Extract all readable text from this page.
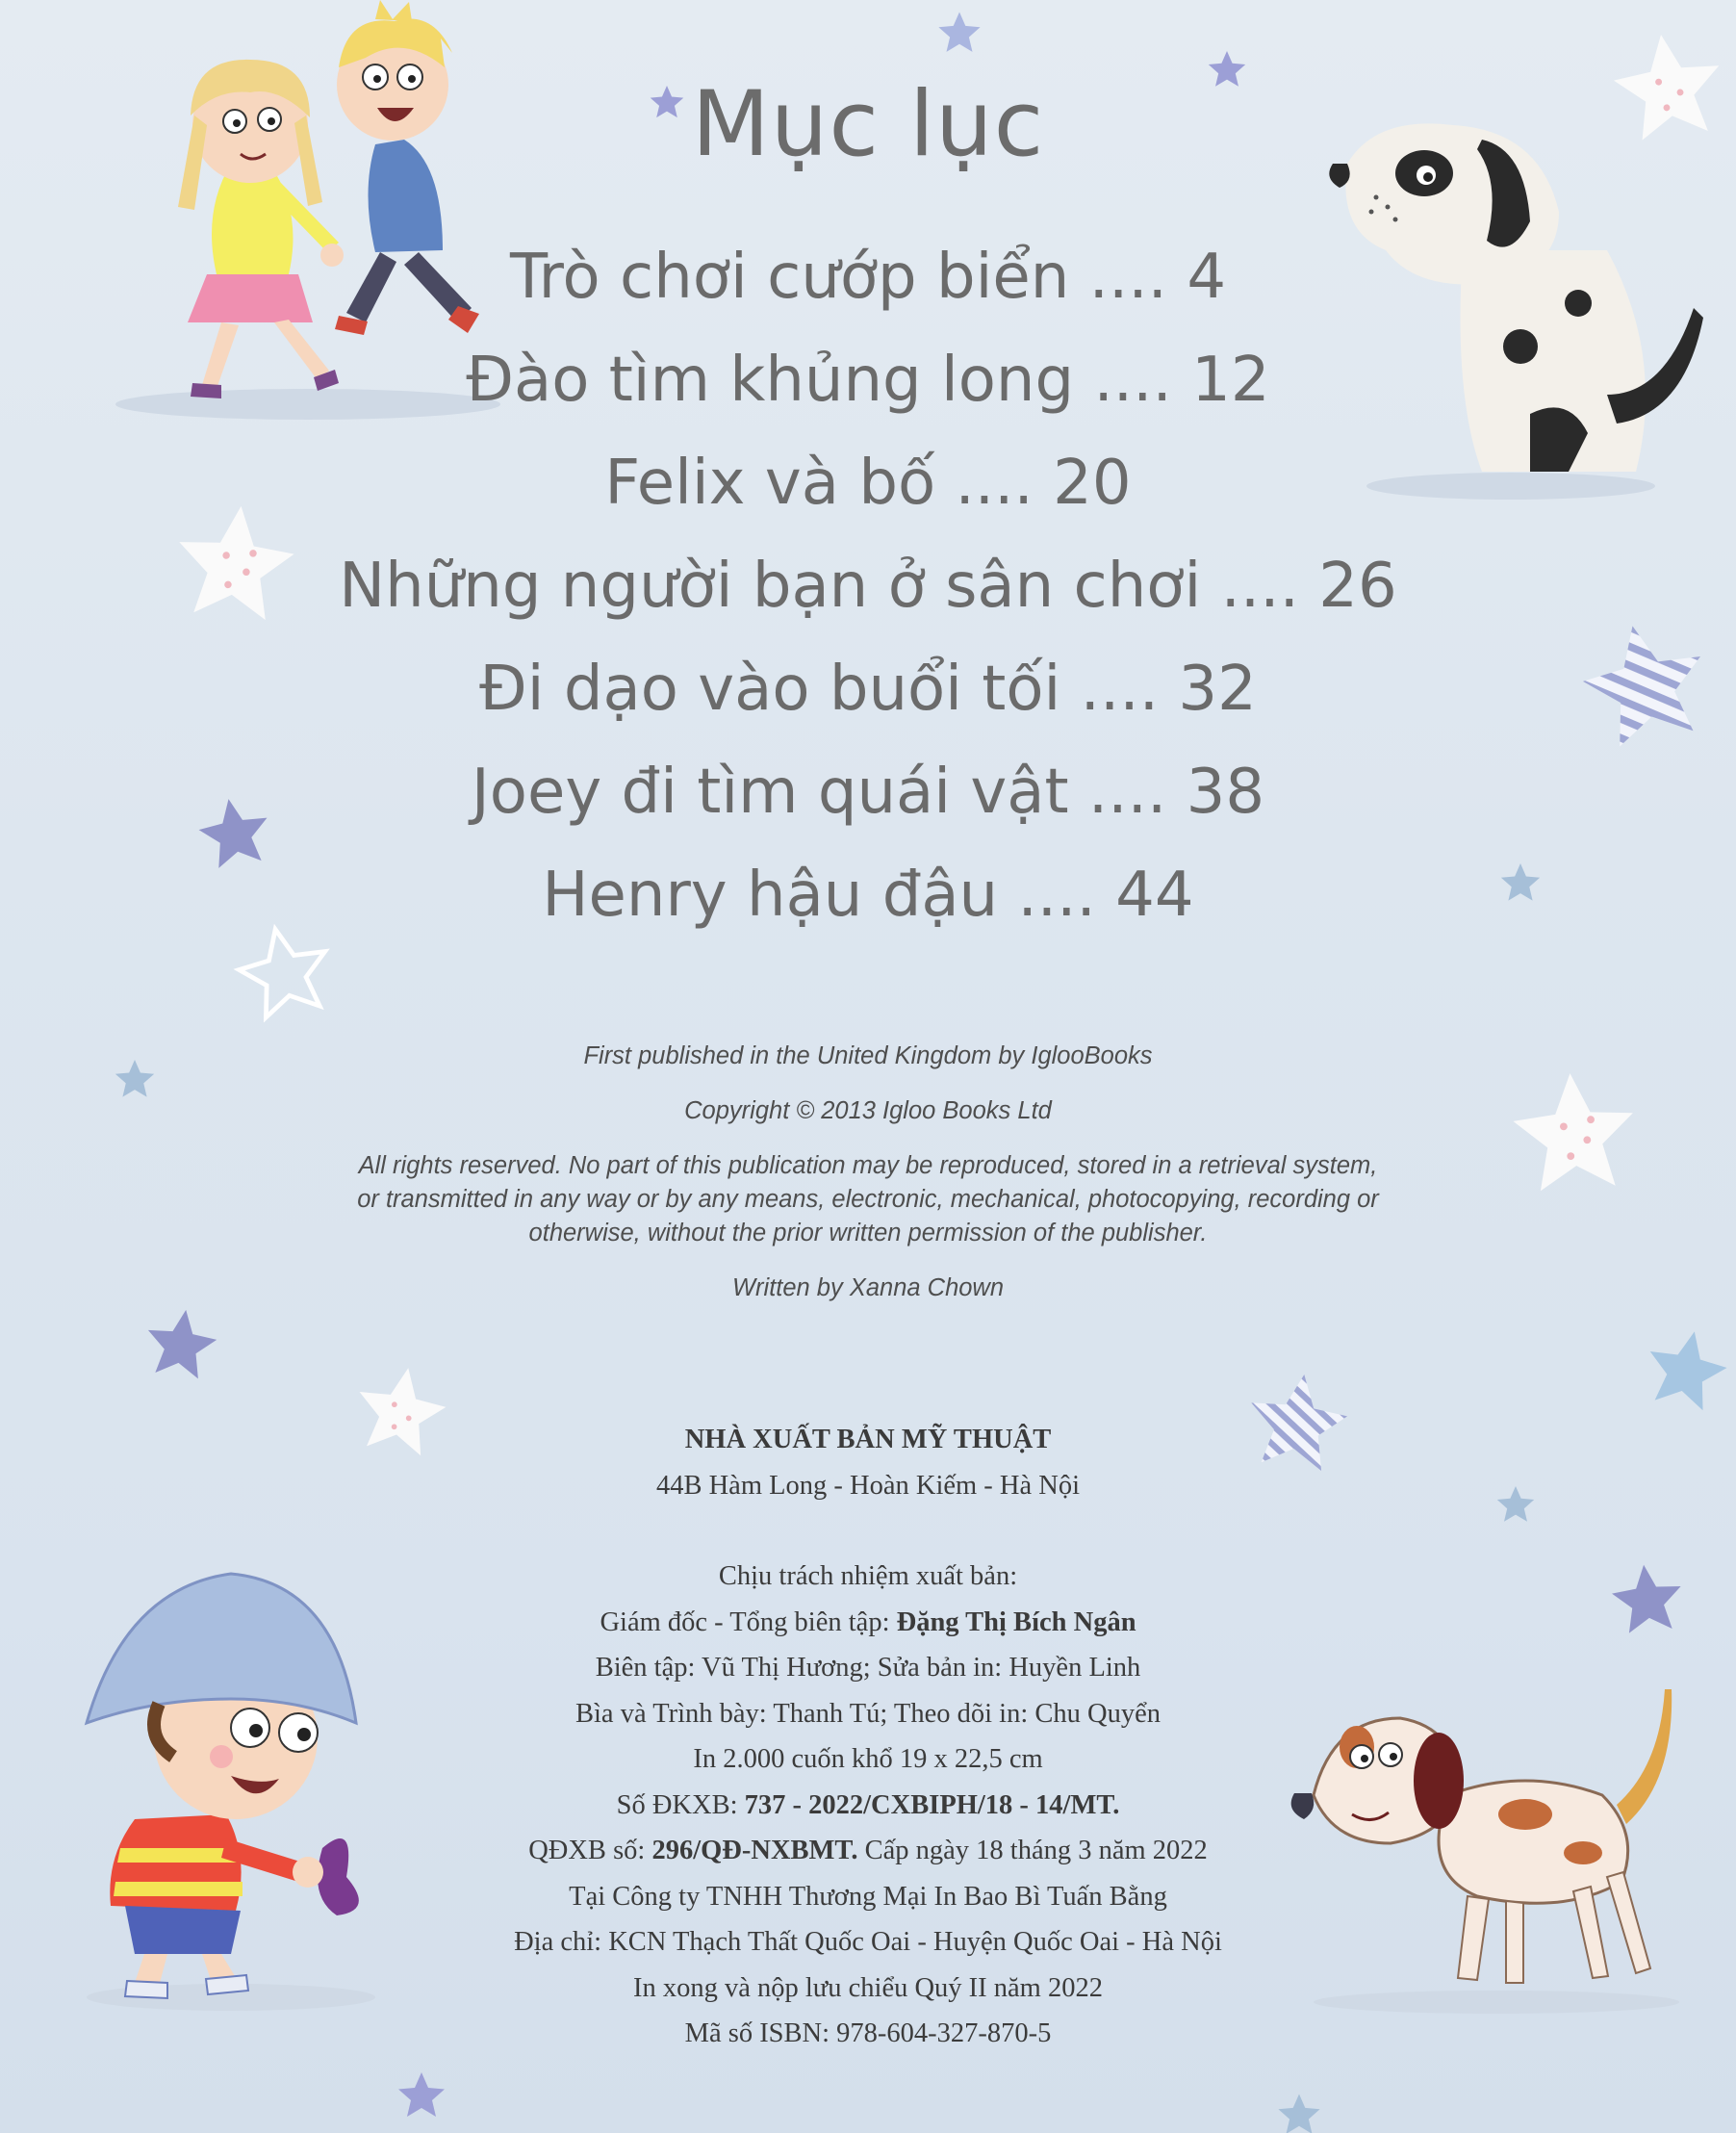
Mục lục
Trò chơi cướp biển .... 4
Đào tìm khủng long .... 12
Felix và bố .... 20
Những người bạn ở sân chơi .... 26
Đi dạo vào buổi tối .... 32
Joey đi tìm quái vật .... 38
Henry hậu đậu .... 44

First published in the United Kingdom by IglooBooks

Copyright © 2013 Igloo Books Ltd

All rights reserved. No part of this publication may be reproduced, stored in a retrieval system,

or transmitted in any way or by any means, electronic, mechanical, photocopying, recording or

otherwise, without the prior written permission of the publisher.

Written by Xanna Chown

NHÀ XUẤT BẢN MỸ THUẬT
44B Hàm Long - Hoàn Kiếm - Hà Nội
Chịu trách nhiệm xuất bản:
Giám đốc - Tổng biên tập: Đặng Thị Bích Ngân
Biên tập: Vũ Thị Hương; Sửa bản in: Huyền Linh
Bìa và Trình bày: Thanh Tú; Theo dõi in: Chu Quyển
In 2.000 cuốn khổ 19 x 22,5 cm
Số ĐKXB: 737 - 2022/CXBIPH/18 - 14/MT.
QĐXB số: 296/QĐ-NXBMT. Cấp ngày 18 tháng 3 năm 2022
Tại Công ty TNHH Thương Mại In Bao Bì Tuấn Bằng
Địa chỉ: KCN Thạch Thất Quốc Oai - Huyện Quốc Oai - Hà Nội
In xong và nộp lưu chiểu Quý II năm 2022
Mã số ISBN: 978-604-327-870-5
